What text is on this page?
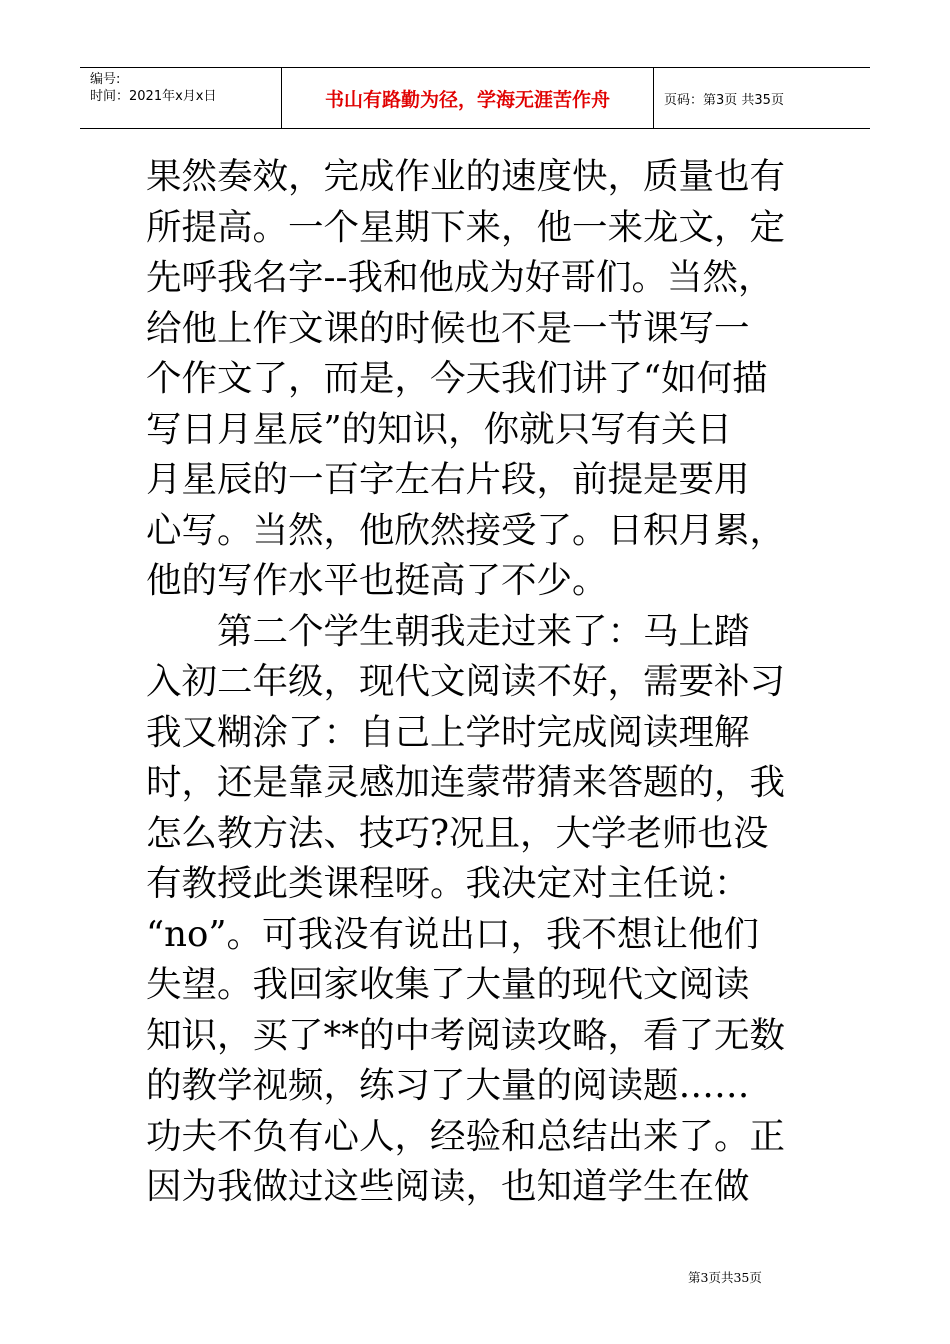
编号:
时间：2021年x月x日	书山有路勤为径，学海无涯苦作舟	页码：第3页 共35页
果然奏效，完成作业的速度快，质量也有
所提高。一个星期下来，他一来龙文，定
先呼我名字--我和他成为好哥们。当然，
给他上作文课的时候也不是一节课写一
个作文了，而是，今天我们讲了“如何描
写日月星辰”的知识，你就只写有关日
月星辰的一百字左右片段，前提是要用
心写。当然，他欣然接受了。日积月累，
他的写作水平也挺高了不少。
　　第二个学生朝我走过来了：马上踏
入初二年级，现代文阅读不好，需要补习
我又糊涂了：自己上学时完成阅读理解
时，还是靠灵感加连蒙带猜来答题的，我
怎么教方法、技巧?况且，大学老师也没
有教授此类课程呀。我决定对主任说：
“no”。可我没有说出口，我不想让他们
失望。我回家收集了大量的现代文阅读
知识，买了**的中考阅读攻略，看了无数
的教学视频，练习了大量的阅读题……
功夫不负有心人，经验和总结出来了。正
因为我做过这些阅读，也知道学生在做
第3页共35页
